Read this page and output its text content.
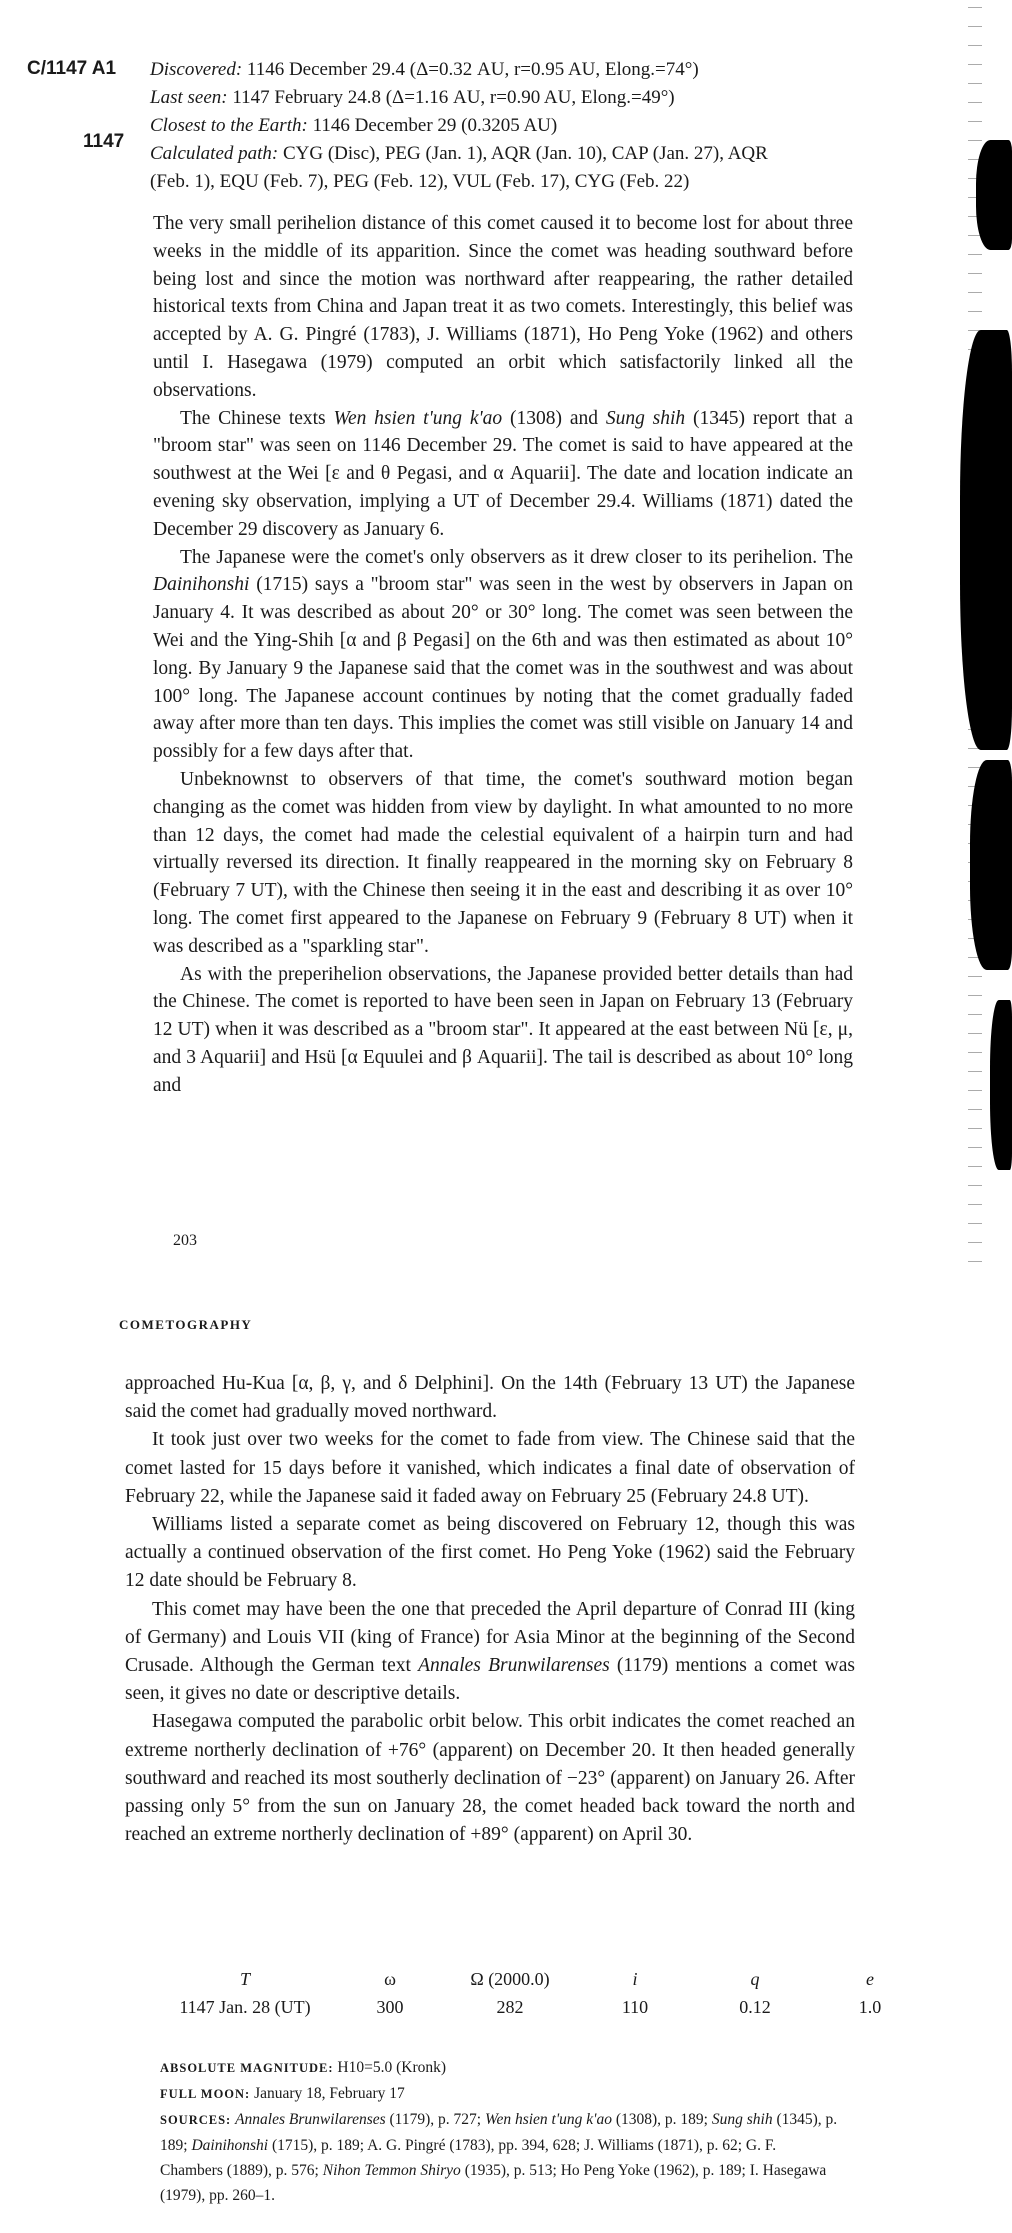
C/1147 A1
1147
Discovered: 1146 December 29.4 (Δ=0.32 AU, r=0.95 AU, Elong.=74°)
Last seen: 1147 February 24.8 (Δ=1.16 AU, r=0.90 AU, Elong.=49°)
Closest to the Earth: 1146 December 29 (0.3205 AU)
Calculated path: CYG (Disc), PEG (Jan. 1), AQR (Jan. 10), CAP (Jan. 27), AQR
(Feb. 1), EQU (Feb. 7), PEG (Feb. 12), VUL (Feb. 17), CYG (Feb. 22)

The very small perihelion distance of this comet caused it to become lost for about three weeks in the middle of its apparition. Since the comet was heading southward before being lost and since the motion was northward after reappearing, the rather detailed historical texts from China and Japan treat it as two comets. Interestingly, this belief was accepted by A. G. Pingré (1783), J. Williams (1871), Ho Peng Yoke (1962) and others until I. Hasegawa (1979) computed an orbit which satisfactorily linked all the observations.

The Chinese texts Wen hsien t'ung k'ao (1308) and Sung shih (1345) report that a "broom star" was seen on 1146 December 29. The comet is said to have appeared at the southwest at the Wei [ε and θ Pegasi, and α Aquarii]. The date and location indicate an evening sky observation, implying a UT of December 29.4. Williams (1871) dated the December 29 discovery as January 6.

The Japanese were the comet's only observers as it drew closer to its perihelion. The Dainihonshi (1715) says a "broom star" was seen in the west by observers in Japan on January 4. It was described as about 20° or 30° long. The comet was seen between the Wei and the Ying-Shih [α and β Pegasi] on the 6th and was then estimated as about 10° long. By January 9 the Japanese said that the comet was in the southwest and was about 100° long. The Japanese account continues by noting that the comet gradually faded away after more than ten days. This implies the comet was still visible on January 14 and possibly for a few days after that.

Unbeknownst to observers of that time, the comet's southward motion began changing as the comet was hidden from view by daylight. In what amounted to no more than 12 days, the comet had made the celestial equivalent of a hairpin turn and had virtually reversed its direction. It finally reappeared in the morning sky on February 8 (February 7 UT), with the Chinese then seeing it in the east and describing it as over 10° long. The comet first appeared to the Japanese on February 9 (February 8 UT) when it was described as a "sparkling star".

As with the preperihelion observations, the Japanese provided better details than had the Chinese. The comet is reported to have been seen in Japan on February 13 (February 12 UT) when it was described as a "broom star". It appeared at the east between Nü [ε, μ, and 3 Aquarii] and Hsü [α Equulei and β Aquarii]. The tail is described as about 10° long and

203
COMETOGRAPHY

approached Hu-Kua [α, β, γ, and δ Delphini]. On the 14th (February 13 UT) the Japanese said the comet had gradually moved northward.

It took just over two weeks for the comet to fade from view. The Chinese said that the comet lasted for 15 days before it vanished, which indicates a final date of observation of February 22, while the Japanese said it faded away on February 25 (February 24.8 UT).

Williams listed a separate comet as being discovered on February 12, though this was actually a continued observation of the first comet. Ho Peng Yoke (1962) said the February 12 date should be February 8.

This comet may have been the one that preceded the April departure of Conrad III (king of Germany) and Louis VII (king of France) for Asia Minor at the beginning of the Second Crusade. Although the German text Annales Brunwilarenses (1179) mentions a comet was seen, it gives no date or descriptive details.

Hasegawa computed the parabolic orbit below. This orbit indicates the comet reached an extreme northerly declination of +76° (apparent) on December 20. It then headed generally southward and reached its most southerly declination of −23° (apparent) on January 26. After passing only 5° from the sun on January 28, the comet headed back toward the north and reached an extreme northerly declination of +89° (apparent) on April 30.

T	ω	Ω (2000.0)	i	q	e
1147 Jan. 28 (UT)	300	282	110	0.12	1.0
ABSOLUTE MAGNITUDE: H10=5.0 (Kronk)
FULL MOON: January 18, February 17
SOURCES: Annales Brunwilarenses (1179), p. 727; Wen hsien t'ung k'ao (1308), p. 189; Sung shih (1345), p. 189; Dainihonshi (1715), p. 189; A. G. Pingré (1783), pp. 394, 628; J. Williams (1871), p. 62; G. F. Chambers (1889), p. 576; Nihon Temmon Shiryo (1935), p. 513; Ho Peng Yoke (1962), p. 189; I. Hasegawa (1979), pp. 260–1.
